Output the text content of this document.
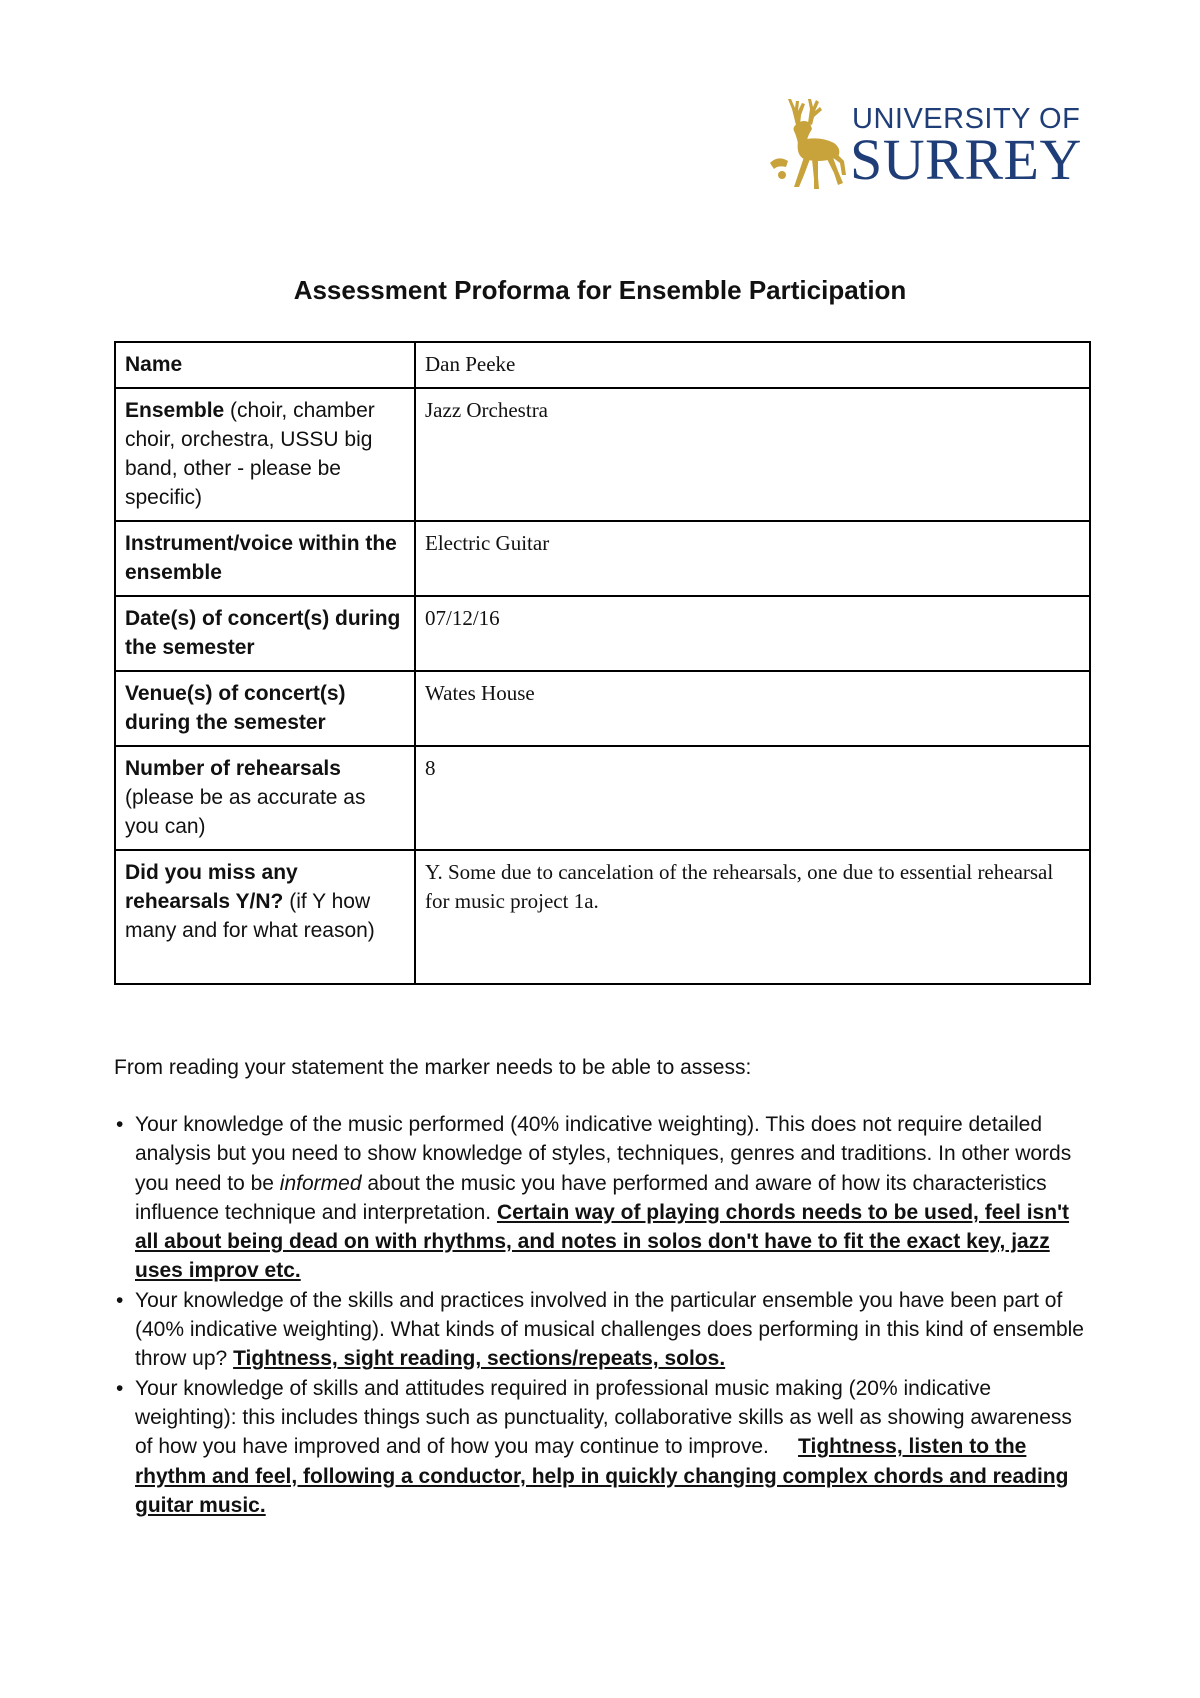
UNIVERSITY OF
SURREY
Assessment Proforma for Ensemble Participation
Name	Dan Peeke
Ensemble (choir, chamber choir, orchestra, USSU big band, other - please be specific)	Jazz Orchestra
Instrument/voice within the ensemble	Electric Guitar
Date(s) of concert(s) during the semester	07/12/16
Venue(s) of concert(s) during the semester	Wates House
Number of rehearsals (please be as accurate as you can)	8
Did you miss any rehearsals Y/N? (if Y how many and for what reason)	Y. Some due to cancelation of the rehearsals, one due to essential rehearsal for music project 1a.
From reading your statement the marker needs to be able to assess:
• Your knowledge of the music performed (40% indicative weighting). This does not require detailed analysis but you need to show knowledge of styles, techniques, genres and traditions. In other words you need to be informed about the music you have performed and aware of how its characteristics influence technique and interpretation. Certain way of playing chords needs to be used, feel isn't all about being dead on with rhythms, and notes in solos don't have to fit the exact key, jazz uses improv etc.
• Your knowledge of the skills and practices involved in the particular ensemble you have been part of (40% indicative weighting). What kinds of musical challenges does performing in this kind of ensemble throw up? Tightness, sight reading, sections/repeats, solos.
• Your knowledge of skills and attitudes required in professional music making (20% indicative weighting): this includes things such as punctuality, collaborative skills as well as showing awareness of how you have improved and of how you may continue to improve. Tightness, listen to the rhythm and feel, following a conductor, help in quickly changing complex chords and reading guitar music.
